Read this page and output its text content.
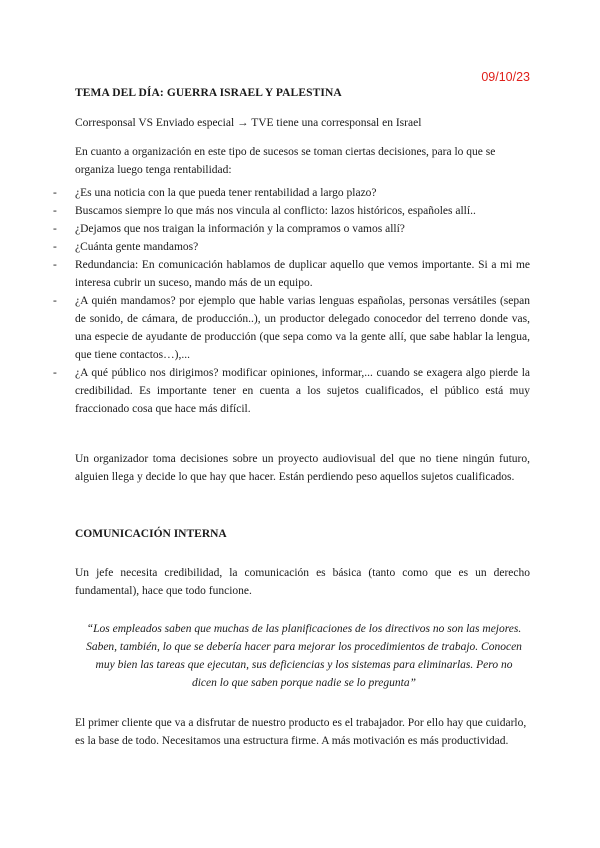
09/10/23
TEMA DEL DÍA: GUERRA ISRAEL Y PALESTINA

Corresponsal VS Enviado especial → TVE tiene una corresponsal en Israel

En cuanto a organización en este tipo de sucesos se toman ciertas decisiones, para lo que se organiza luego tenga rentabilidad:

- ¿Es una noticia con la que pueda tener rentabilidad a largo plazo?
- Buscamos siempre lo que más nos vincula al conflicto: lazos históricos, españoles allí..
- ¿Dejamos que nos traigan la información y la compramos o vamos allí?
- ¿Cuánta gente mandamos?
- Redundancia: En comunicación hablamos de duplicar aquello que vemos importante. Si a mi me interesa cubrir un suceso, mando más de un equipo.
- ¿A quién mandamos? por ejemplo que hable varias lenguas españolas, personas versátiles (sepan de sonido, de cámara, de producción..), un productor delegado conocedor del terreno donde vas, una especie de ayudante de producción (que sepa como va la gente allí, que sabe hablar la lengua, que tiene contactos…),...
- ¿A qué público nos dirigimos? modificar opiniones, informar,... cuando se exagera algo pierde la credibilidad. Es importante tener en cuenta a los sujetos cualificados, el público está muy fraccionado cosa que hace más difícil.

Un organizador toma decisiones sobre un proyecto audiovisual del que no tiene ningún futuro, alguien llega y decide lo que hay que hacer. Están perdiendo peso aquellos sujetos cualificados.

COMUNICACIÓN INTERNA

Un jefe necesita credibilidad, la comunicación es básica (tanto como que es un derecho fundamental), hace que todo funcione.

“Los empleados saben que muchas de las planificaciones de los directivos no son las mejores. Saben, también, lo que se debería hacer para mejorar los procedimientos de trabajo. Conocen muy bien las tareas que ejecutan, sus deficiencias y los sistemas para eliminarlas. Pero no dicen lo que saben porque nadie se lo pregunta”

El primer cliente que va a disfrutar de nuestro producto es el trabajador. Por ello hay que cuidarlo, es la base de todo. Necesitamos una estructura firme. A más motivación es más productividad.
